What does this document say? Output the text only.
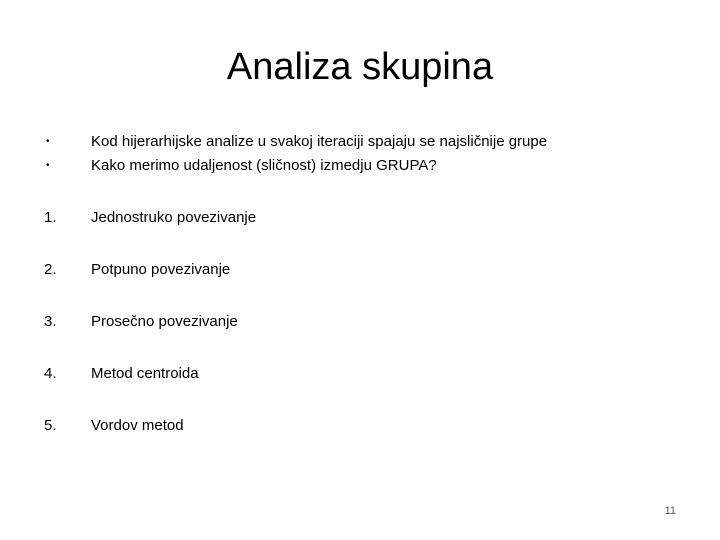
Analiza skupina
•	Kod hijerarhijske analize u svakoj iteraciji spajaju se najsličnije grupe
•	Kako merimo udaljenost (sličnost) izmedju GRUPA?
1.	Jednostruko povezivanje
2.	Potpuno povezivanje
3.	Prosečno povezivanje
4.	Metod centroida
5.	Vordov metod
11
